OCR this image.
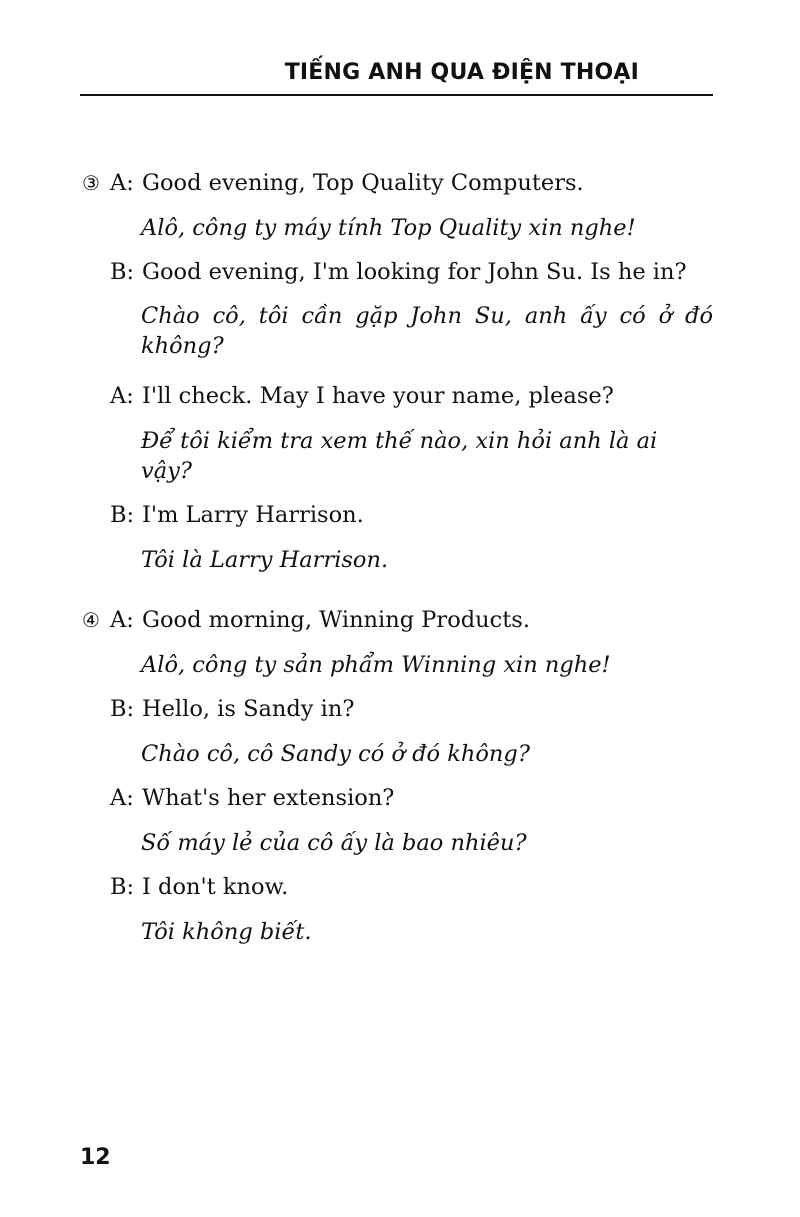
TIẾNG ANH QUA ĐIỆN THOẠI
③ A: Good evening, Top Quality Computers.
Alô, công ty máy tính Top Quality xin nghe!
B: Good evening, I'm looking for John Su. Is he in?
Chào cô, tôi cần gặp John Su, anh ấy có ở đó không?
A: I'll check. May I have your name, please?
Để tôi kiểm tra xem thế nào, xin hỏi anh là ai vậy?
B: I'm Larry Harrison.
Tôi là Larry Harrison.
④ A: Good morning, Winning Products.
Alô, công ty sản phẩm Winning xin nghe!
B: Hello, is Sandy in?
Chào cô, cô Sandy có ở đó không?
A: What's her extension?
Số máy lẻ của cô ấy là bao nhiêu?
B: I don't know.
Tôi không biết.
12
